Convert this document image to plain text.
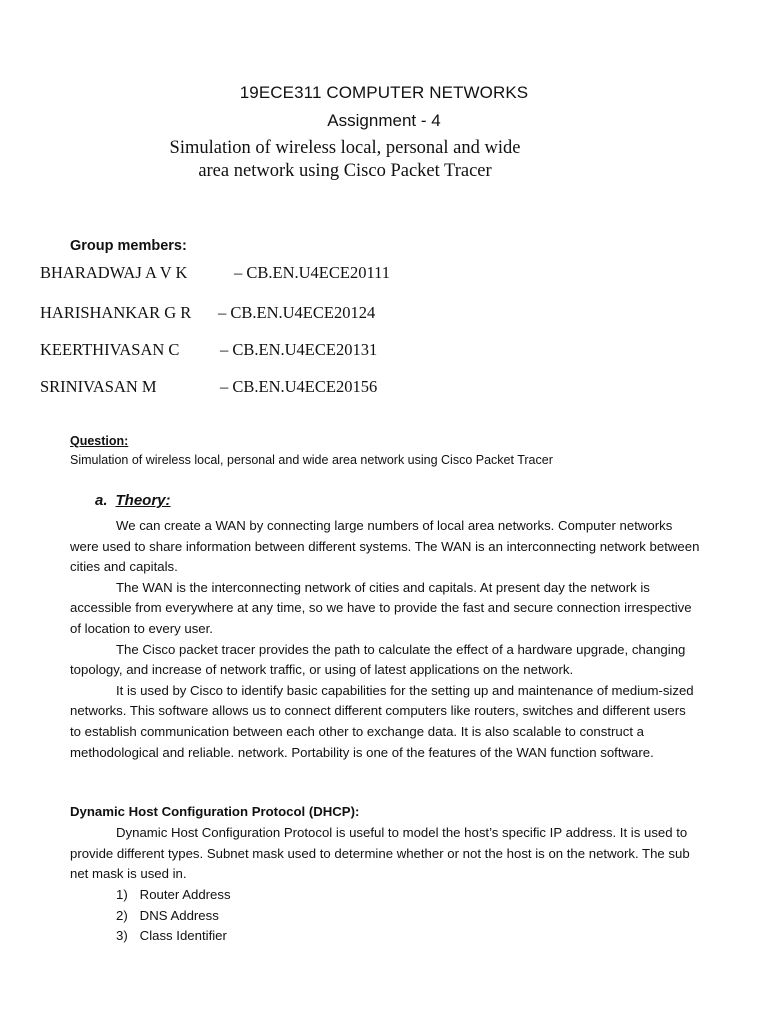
19ECE311 COMPUTER NETWORKS
Assignment - 4
Simulation of wireless local, personal and wide
area network using Cisco Packet Tracer
Group members:
BHARADWAJ A V K	– CB.EN.U4ECE20111
HARISHANKAR G R – CB.EN.U4ECE20124
KEERTHIVASAN C – CB.EN.U4ECE20131
SRINIVASAN M	– CB.EN.U4ECE20156
Question:
Simulation of wireless local, personal and wide area network using Cisco Packet Tracer
a. Theory:

We can create a WAN by connecting large numbers of local area networks. Computer networks were used to share information between different systems. The WAN is an interconnecting network between cities and capitals.

The WAN is the interconnecting network of cities and capitals. At present day the network is accessible from everywhere at any time, so we have to provide the fast and secure connection irrespective of location to every user.

The Cisco packet tracer provides the path to calculate the effect of a hardware upgrade, changing topology, and increase of network traffic, or using of latest applications on the network.

It is used by Cisco to identify basic capabilities for the setting up and maintenance of medium-sized networks. This software allows us to connect different computers like routers, switches and different users to establish communication between each other to exchange data. It is also scalable to construct a methodological and reliable. network. Portability is one of the features of the WAN function software.

Dynamic Host Configuration Protocol (DHCP):

Dynamic Host Configuration Protocol is useful to model the host’s specific IP address. It is used to provide different types. Subnet mask used to determine whether or not the host is on the network. The sub net mask is used in.

1) Router Address
2) DNS Address
3) Class Identifier
